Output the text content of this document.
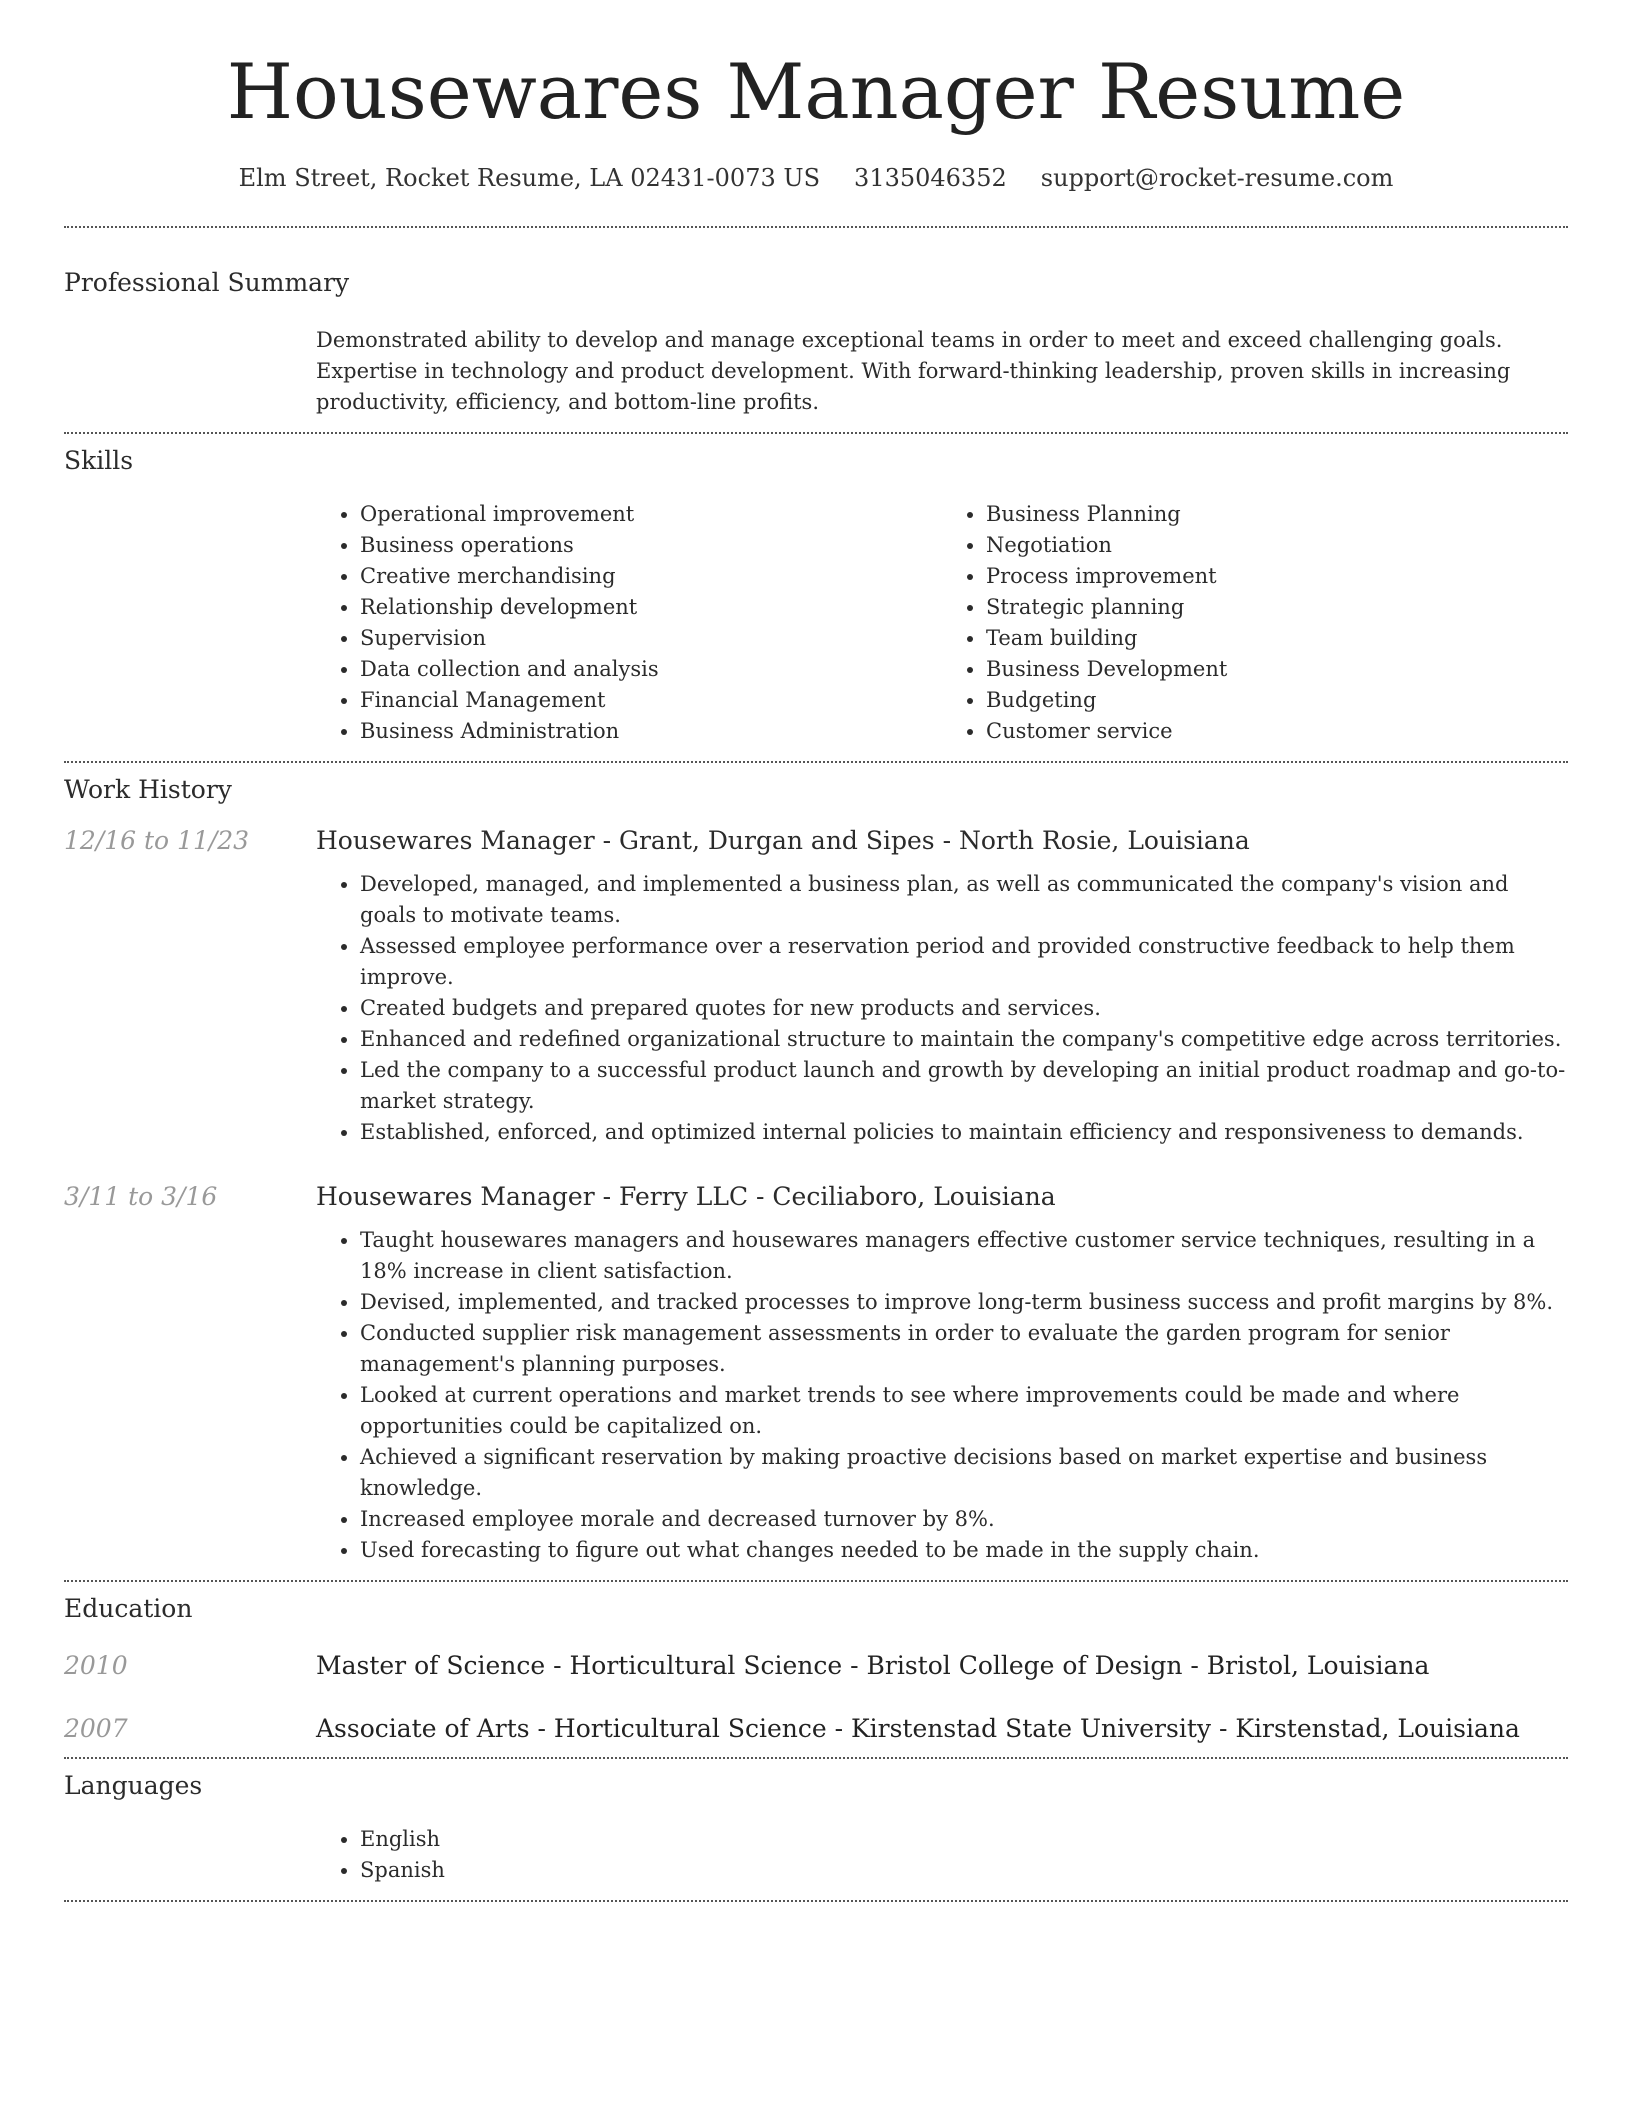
Housewares Manager Resume
Elm Street, Rocket Resume, LA 02431-0073 US 3135046352 support@rocket-resume.com
Professional Summary

Demonstrated ability to develop and manage exceptional teams in order to meet and exceed challenging goals. Expertise in technology and product development. With forward-thinking leadership, proven skills in increasing productivity, efficiency, and bottom-line profits.

Skills
• Operational improvement
• Business operations
• Creative merchandising
• Relationship development
• Supervision
• Data collection and analysis
• Financial Management
• Business Administration
• Business Planning
• Negotiation
• Process improvement
• Strategic planning
• Team building
• Business Development
• Budgeting
• Customer service
Work History
12/16 to 11/23	Housewares Manager - Grant, Durgan and Sipes - North Rosie, Louisiana
• Developed, managed, and implemented a business plan, as well as communicated the company's vision and goals to motivate teams.
• Assessed employee performance over a reservation period and provided constructive feedback to help them improve.
• Created budgets and prepared quotes for new products and services.
• Enhanced and redefined organizational structure to maintain the company's competitive edge across territories.
• Led the company to a successful product launch and growth by developing an initial product roadmap and go-to-market strategy.
• Established, enforced, and optimized internal policies to maintain efficiency and responsiveness to demands.
3/11 to 3/16	Housewares Manager - Ferry LLC - Ceciliaboro, Louisiana
• Taught housewares managers and housewares managers effective customer service techniques, resulting in a 18% increase in client satisfaction.
• Devised, implemented, and tracked processes to improve long-term business success and profit margins by 8%.
• Conducted supplier risk management assessments in order to evaluate the garden program for senior management's planning purposes.
• Looked at current operations and market trends to see where improvements could be made and where opportunities could be capitalized on.
• Achieved a significant reservation by making proactive decisions based on market expertise and business knowledge.
• Increased employee morale and decreased turnover by 8%.
• Used forecasting to figure out what changes needed to be made in the supply chain.
Education
2010	Master of Science - Horticultural Science - Bristol College of Design - Bristol, Louisiana
2007	Associate of Arts - Horticultural Science - Kirstenstad State University - Kirstenstad, Louisiana
Languages
• English
• Spanish
